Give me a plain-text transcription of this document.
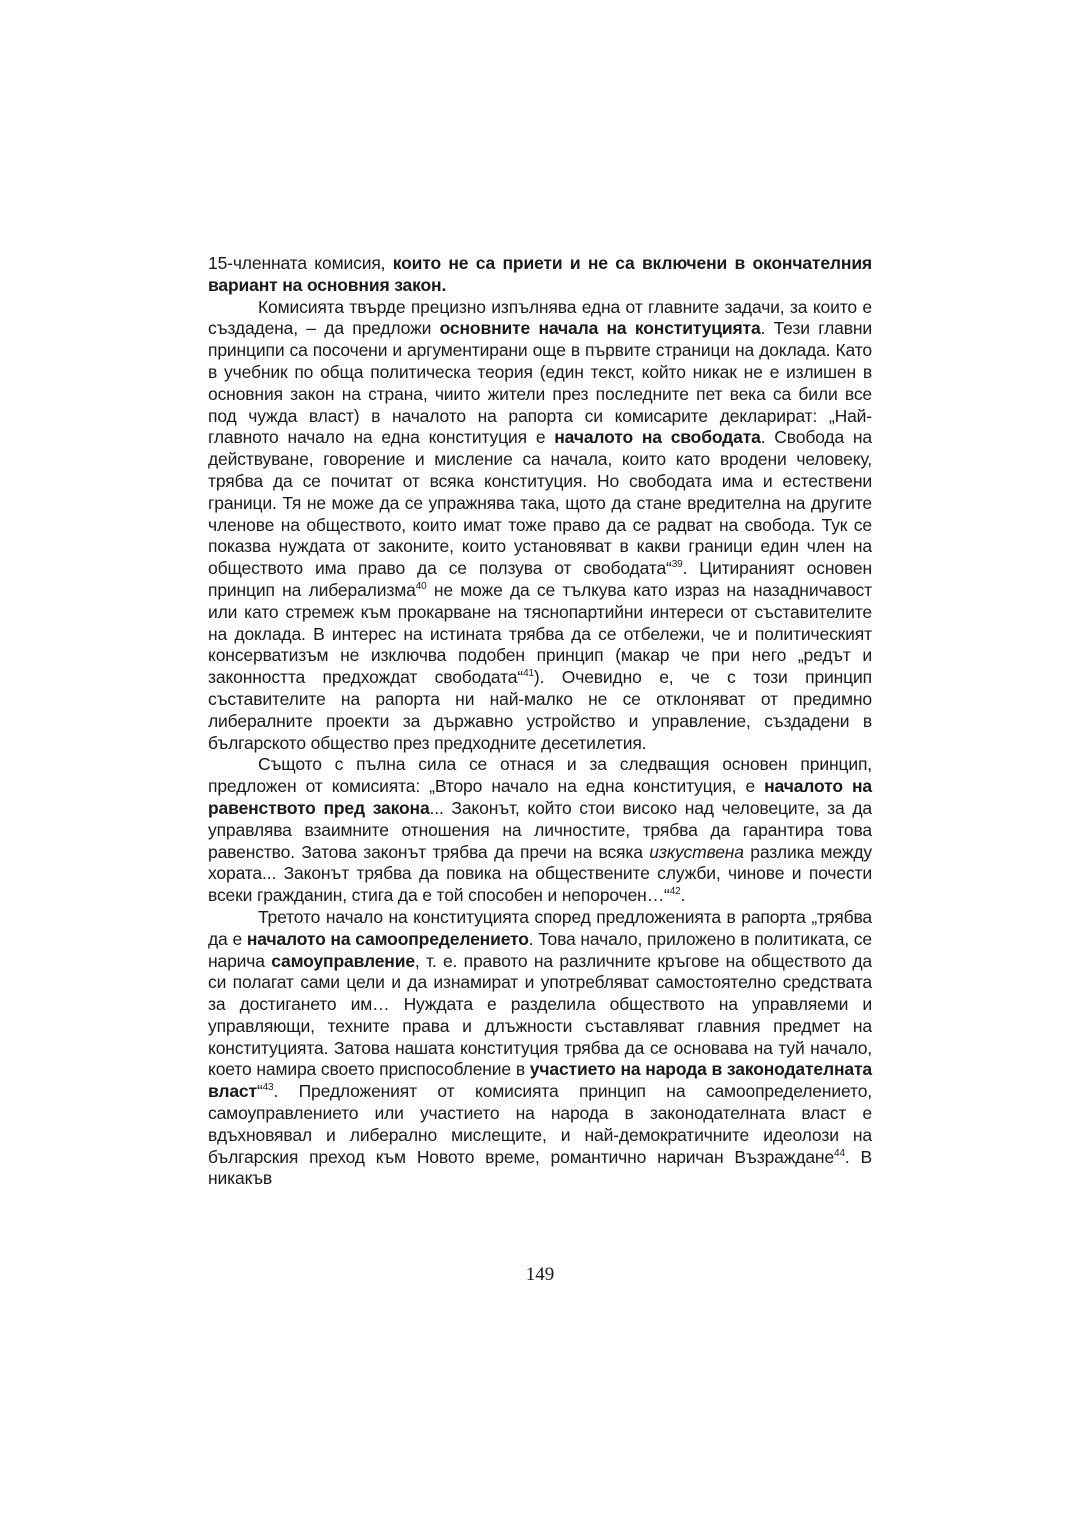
15-членната комисия, които не са приети и не са включени в окончателния вариант на основния закон.

Комисията твърде прецизно изпълнява една от главните задачи, за които е създадена, – да предложи основните начала на конституцията. Тези главни принципи са посочени и аргументирани още в първите страници на доклада. Като в учебник по обща политическа теория (един текст, който никак не е излишен в основния закон на страна, чиито жители през последните пет века са били все под чужда власт) в началото на рапорта си комисарите декларират: „Най-главното начало на една конституция е началото на свободата. Свобода на действуване, говорение и мисление са начала, които като вродени человеку, трябва да се почитат от всяка конституция. Но свободата има и естествени граници. Тя не може да се упражнява така, щото да стане вредителна на другите членове на обществото, които имат тоже право да се радват на свобода. Тук се показва нуждата от законите, които установяват в какви граници един член на обществото има право да се ползува от свободата“$^{39}$. Цитираният основен принцип на либерализма$^{40}$ не може да се тълкува като израз на назадничавост или като стремеж към прокарване на тяснопартийни интереси от съставителите на доклада. В интерес на истината трябва да се отбележи, че и политическият консерватизъм не изключва подобен принцип (макар че при него „редът и законността предхождат свободата“$^{41}$). Очевидно е, че с този принцип съставителите на рапорта ни най-малко не се отклоняват от предимно либералните проекти за държавно устройство и управление, създадени в българското общество през предходните десетилетия.

Същото с пълна сила се отнася и за следващия основен принцип, предложен от комисията: „Второ начало на една конституция, е началото на равенството пред закона... Законът, който стои високо над человеците, за да управлява взаимните отношения на личностите, трябва да гарантира това равенство. Затова законът трябва да пречи на всяка изкуствена разлика между хората... Законът трябва да повика на обществените служби, чинове и почести всеки гражданин, стига да е той способен и непорочен…“$^{42}$.

Третото начало на конституцията според предложенията в рапорта „трябва да е началото на самоопределението. Това начало, приложено в политиката, се нарича самоуправление, т. е. правото на различните кръгове на обществото да си полагат сами цели и да изнамират и употребляват самостоятелно средствата за достигането им… Нуждата е разделила обществото на управляеми и управляющи, техните права и длъжности съставляват главния предмет на конституцията. Затова нашата конституция трябва да се основава на туй начало, което намира своето приспособление в участието на народа в законодателната власт“$^{43}$. Предложеният от комисията принцип на самоопределението, самоуправлението или участието на народа в законодателната власт е вдъхновявал и либерално мислещите, и най-демократичните идеолози на българския преход към Новото време, романтично наричан Възраждане$^{44}$. В никакъв

149
